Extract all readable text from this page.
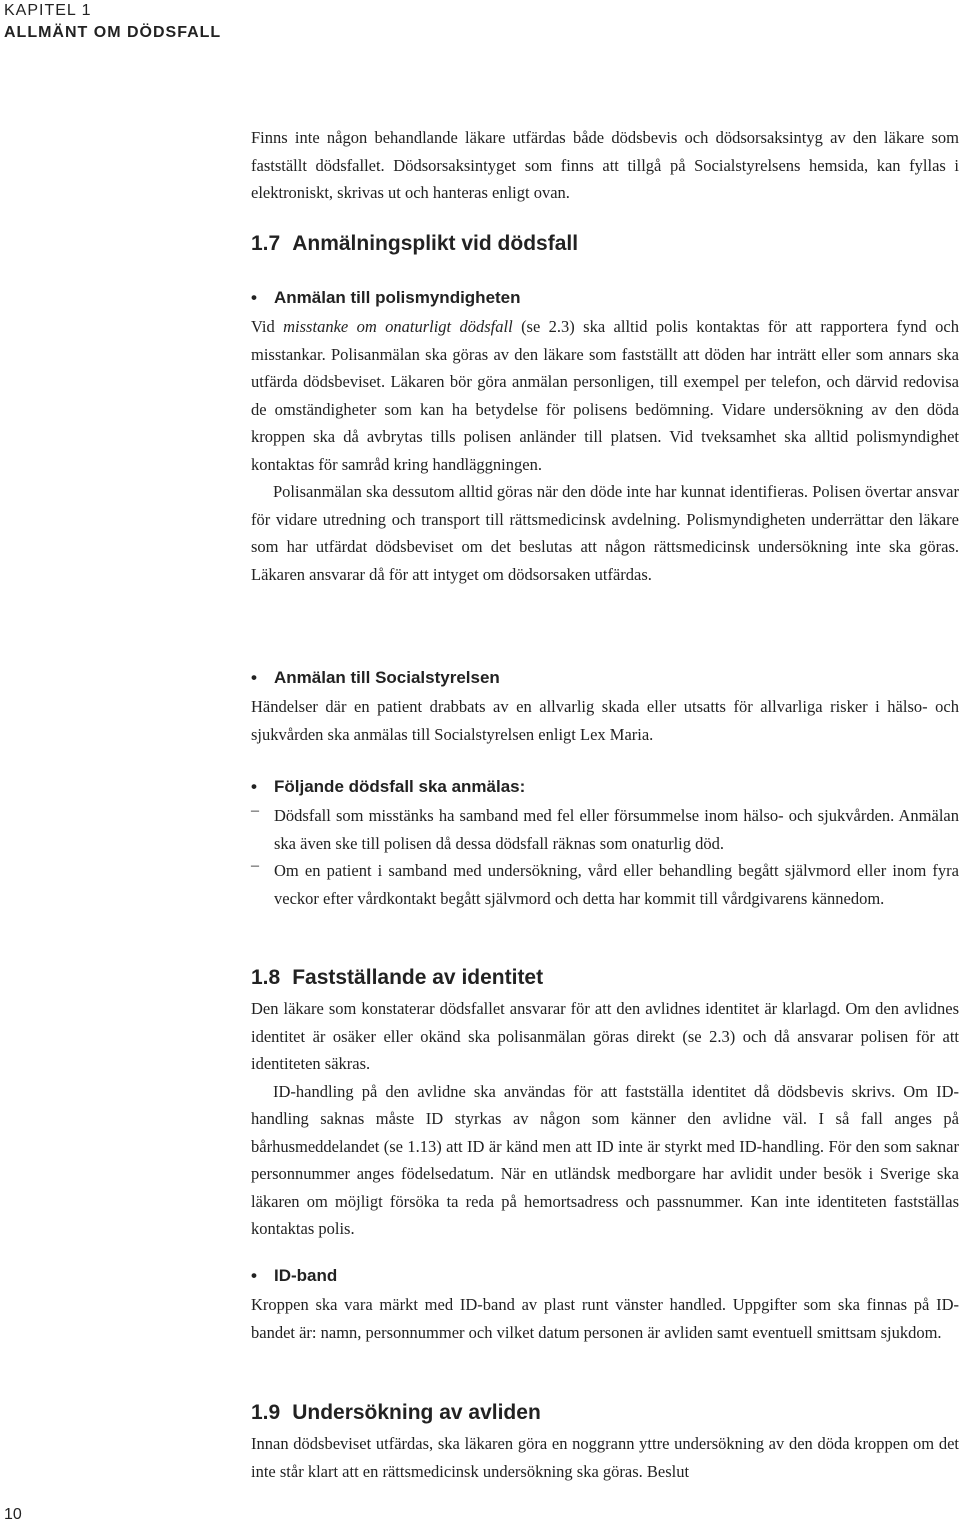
KAPITEL 1
ALLMÄNT OM DÖDSFALL

Finns inte någon behandlande läkare utfärdas både dödsbevis och dödsorsaksintyg av den läkare som fastställt dödsfallet. Dödsorsaksintyget som finns att tillgå på Socialstyrelsens hemsida, kan fyllas i elektroniskt, skrivas ut och hanteras enligt ovan.

1.7 Anmälningsplikt vid dödsfall
• Anmälan till polismyndigheten

Vid misstanke om onaturligt dödsfall (se 2.3) ska alltid polis kontaktas för att rapportera fynd och misstankar. Polisanmälan ska göras av den läkare som fastställt att döden har inträtt eller som annars ska utfärda dödsbeviset. Läkaren bör göra anmälan personligen, till exempel per telefon, och därvid redovisa de omständigheter som kan ha betydelse för polisens bedömning. Vidare undersökning av den döda kroppen ska då avbrytas tills polisen anländer till platsen. Vid tveksamhet ska alltid polismyndighet kontaktas för samråd kring handläggningen.

Polisanmälan ska dessutom alltid göras när den döde inte har kunnat identifieras. Polisen övertar ansvar för vidare utredning och transport till rättsmedicinsk avdelning. Polismyndigheten underrättar den läkare som har utfärdat dödsbeviset om det beslutas att någon rättsmedicinsk undersökning inte ska göras. Läkaren ansvarar då för att intyget om dödsorsaken utfärdas.

• Anmälan till Socialstyrelsen

Händelser där en patient drabbats av en allvarlig skada eller utsatts för allvarliga risker i hälso- och sjukvården ska anmälas till Socialstyrelsen enligt Lex Maria.

• Följande dödsfall ska anmälas:
– Dödsfall som misstänks ha samband med fel eller försummelse inom hälso- och sjukvården. Anmälan ska även ske till polisen då dessa dödsfall räknas som onaturlig död.

– Om en patient i samband med undersökning, vård eller behandling begått självmord eller inom fyra veckor efter vårdkontakt begått självmord och detta har kommit till vårdgivarens kännedom.

1.8 Fastställande av identitet

Den läkare som konstaterar dödsfallet ansvarar för att den avlidnes identitet är klarlagd. Om den avlidnes identitet är osäker eller okänd ska polisanmälan göras direkt (se 2.3) och då ansvarar polisen för att identiteten säkras.

ID-handling på den avlidne ska användas för att fastställa identitet då dödsbevis skrivs. Om ID-handling saknas måste ID styrkas av någon som känner den avlidne väl. I så fall anges på bårhusmeddelandet (se 1.13) att ID är känd men att ID inte är styrkt med ID-handling. För den som saknar personnummer anges födelsedatum. När en utländsk medborgare har avlidit under besök i Sverige ska läkaren om möjligt försöka ta reda på hemortsadress och passnummer. Kan inte identiteten fastställas kontaktas polis.

• ID-band

Kroppen ska vara märkt med ID-band av plast runt vänster handled. Uppgifter som ska finnas på ID-bandet är: namn, personnummer och vilket datum personen är avliden samt eventuell smittsam sjukdom.

1.9 Undersökning av avliden

Innan dödsbeviset utfärdas, ska läkaren göra en noggrann yttre undersökning av den döda kroppen om det inte står klart att en rättsmedicinsk undersökning ska göras. Beslut

10
